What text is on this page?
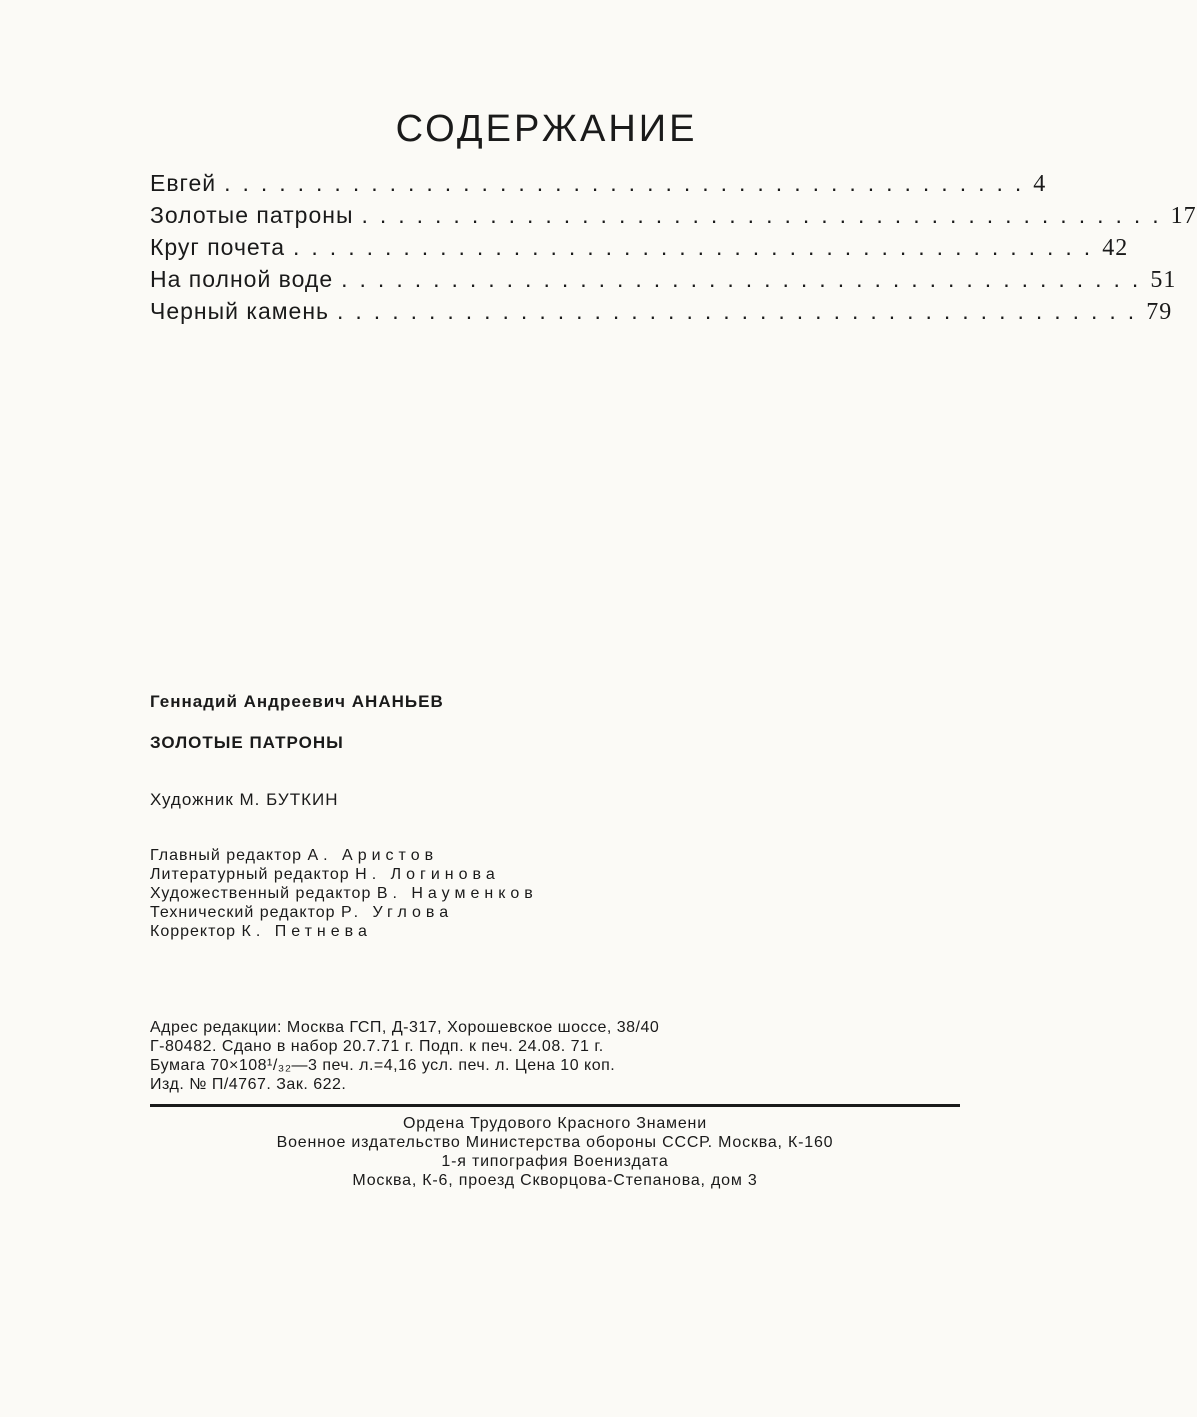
СОДЕРЖАНИЕ
Евгей ............................................ 4
Золотые патроны ............................................ 17
Круг почета ............................................ 42
На полной воде ............................................ 51
Черный камень ............................................ 79

Геннадий Андреевич АНАНЬЕВ

ЗОЛОТЫЕ ПАТРОНЫ

Художник М. БУТКИН

Главный редактор А. Аристов
Литературный редактор Н. Логинова
Художественный редактор В. Науменков
Технический редактор Р. Углова
Корректор К. Петнева
Адрес редакции: Москва ГСП, Д-317, Хорошевское шоссе, 38/40
Г-80482. Сдано в набор 20.7.71 г. Подп. к печ. 24.08. 71 г.
Бумага 70×108¹/₃₂—3 печ. л.=4,16 усл. печ. л. Цена 10 коп.
Изд. № П/4767. Зак. 622.
Ордена Трудового Красного Знамени
Военное издательство Министерства обороны СССР. Москва, К-160
1-я типография Воениздата
Москва, К-6, проезд Скворцова-Степанова, дом 3
